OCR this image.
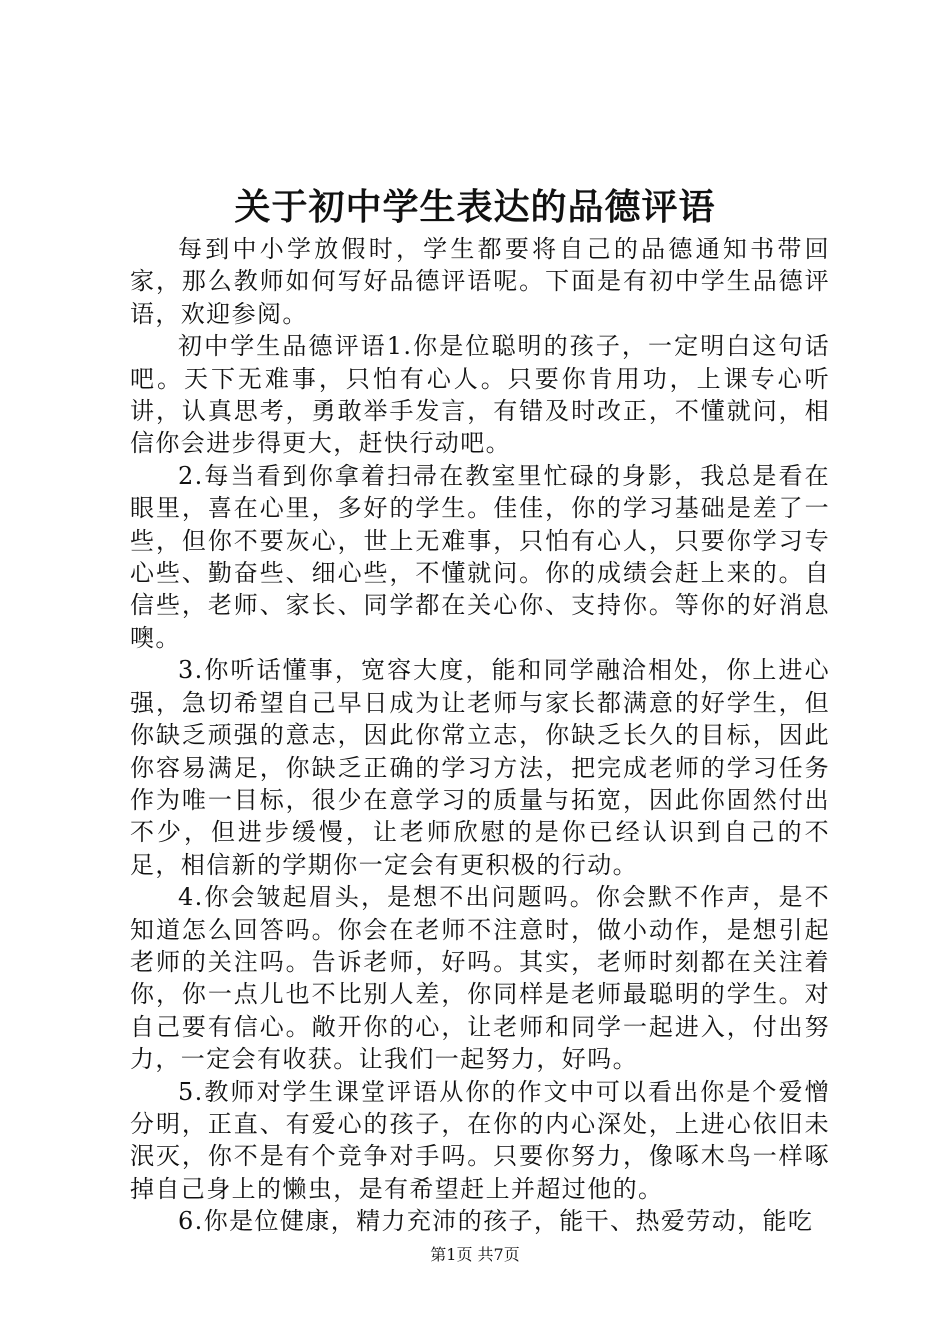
关于初中学生表达的品德评语

每到中小学放假时，学生都要将自己的品德通知书带回家，那么教师如何写好品德评语呢。下面是有初中学生品德评语，欢迎参阅。

初中学生品德评语1.你是位聪明的孩子，一定明白这句话吧。天下无难事，只怕有心人。只要你肯用功，上课专心听讲，认真思考，勇敢举手发言，有错及时改正，不懂就问，相信你会进步得更大，赶快行动吧。

2.每当看到你拿着扫帚在教室里忙碌的身影，我总是看在眼里，喜在心里，多好的学生。佳佳，你的学习基础是差了一些，但你不要灰心，世上无难事，只怕有心人，只要你学习专心些、勤奋些、细心些，不懂就问。你的成绩会赶上来的。自信些，老师、家长、同学都在关心你、支持你。等你的好消息噢。

3.你听话懂事，宽容大度，能和同学融洽相处，你上进心强，急切希望自己早日成为让老师与家长都满意的好学生，但你缺乏顽强的意志，因此你常立志，你缺乏长久的目标，因此你容易满足，你缺乏正确的学习方法，把完成老师的学习任务作为唯一目标，很少在意学习的质量与拓宽，因此你固然付出不少，但进步缓慢，让老师欣慰的是你已经认识到自己的不足，相信新的学期你一定会有更积极的行动。

4.你会皱起眉头，是想不出问题吗。你会默不作声，是不知道怎么回答吗。你会在老师不注意时，做小动作，是想引起老师的关注吗。告诉老师，好吗。其实，老师时刻都在关注着你，你一点儿也不比别人差，你同样是老师最聪明的学生。对自己要有信心。敞开你的心，让老师和同学一起进入，付出努力，一定会有收获。让我们一起努力，好吗。

5.教师对学生课堂评语从你的作文中可以看出你是个爱憎分明，正直、有爱心的孩子，在你的内心深处，上进心依旧未泯灭，你不是有个竞争对手吗。只要你努力，像啄木鸟一样啄掉自己身上的懒虫，是有希望赶上并超过他的。

6.你是位健康，精力充沛的孩子，能干、热爱劳动，能吃

第1页 共7页
